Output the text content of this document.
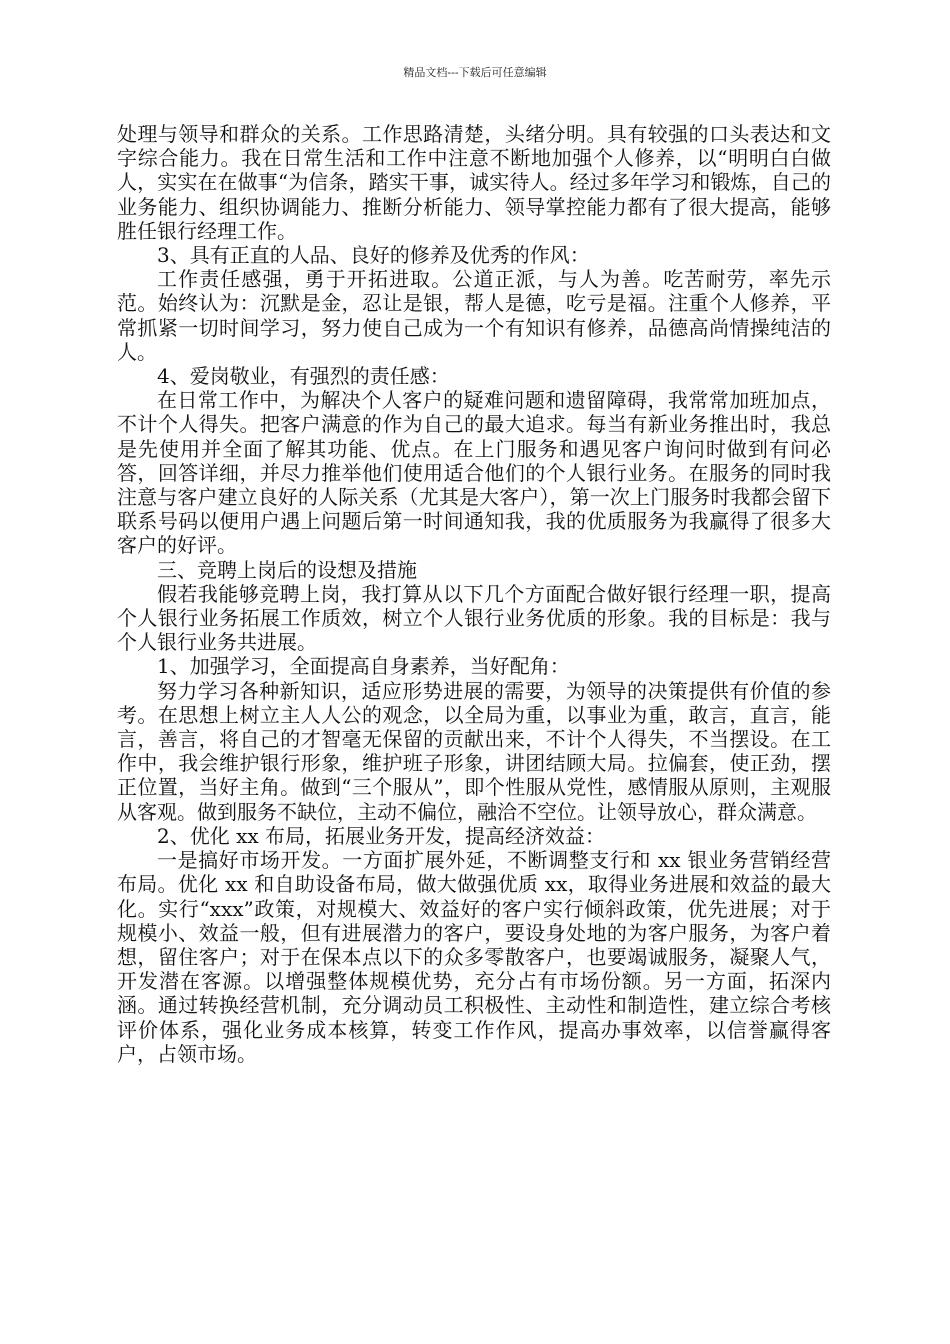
精品文档---下载后可任意编辑

处理与领导和群众的关系。工作思路清楚，头绪分明。具有较强的口头表达和文字综合能力。我在日常生活和工作中注意不断地加强个人修养，以“明明白白做人，实实在在做事“为信条，踏实干事，诚实待人。经过多年学习和锻炼，自己的业务能力、组织协调能力、推断分析能力、领导掌控能力都有了很大提高，能够胜任银行经理工作。

3、具有正直的人品、良好的修养及优秀的作风：

工作责任感强，勇于开拓进取。公道正派，与人为善。吃苦耐劳，率先示范。始终认为：沉默是金，忍让是银，帮人是德，吃亏是福。注重个人修养，平常抓紧一切时间学习，努力使自己成为一个有知识有修养，品德高尚情操纯洁的人。

4、爱岗敬业，有强烈的责任感：

在日常工作中，为解决个人客户的疑难问题和遗留障碍，我常常加班加点，不计个人得失。把客户满意的作为自己的最大追求。每当有新业务推出时，我总是先使用并全面了解其功能、优点。在上门服务和遇见客户询问时做到有问必答，回答详细，并尽力推举他们使用适合他们的个人银行业务。在服务的同时我注意与客户建立良好的人际关系（尤其是大客户），第一次上门服务时我都会留下联系号码以便用户遇上问题后第一时间通知我，我的优质服务为我赢得了很多大客户的好评。

三、竞聘上岗后的设想及措施

假若我能够竞聘上岗，我打算从以下几个方面配合做好银行经理一职，提高个人银行业务拓展工作质效，树立个人银行业务优质的形象。我的目标是：我与个人银行业务共进展。

1、加强学习，全面提高自身素养，当好配角：

努力学习各种新知识，适应形势进展的需要，为领导的决策提供有价值的参考。在思想上树立主人人公的观念，以全局为重，以事业为重，敢言，直言，能言，善言，将自己的才智毫无保留的贡献出来，不计个人得失，不当摆设。在工作中，我会维护银行形象，维护班子形象，讲团结顾大局。拉偏套，使正劲，摆正位置，当好主角。做到“三个服从”，即个性服从党性，感情服从原则，主观服从客观。做到服务不缺位，主动不偏位，融洽不空位。让领导放心，群众满意。

2、优化 xx 布局，拓展业务开发，提高经济效益：

一是搞好市场开发。一方面扩展外延，不断调整支行和 xx 银业务营销经营布局。优化 xx 和自助设备布局，做大做强优质 xx，取得业务进展和效益的最大化。实行“xxx”政策，对规模大、效益好的客户实行倾斜政策，优先进展；对于规模小、效益一般，但有进展潜力的客户，要设身处地的为客户服务，为客户着想，留住客户；对于在保本点以下的众多零散客户，也要竭诚服务，凝聚人气，开发潜在客源。以增强整体规模优势，充分占有市场份额。另一方面，拓深内涵。通过转换经营机制，充分调动员工积极性、主动性和制造性，建立综合考核评价体系，强化业务成本核算，转变工作作风，提高办事效率，以信誉赢得客户，占领市场。
